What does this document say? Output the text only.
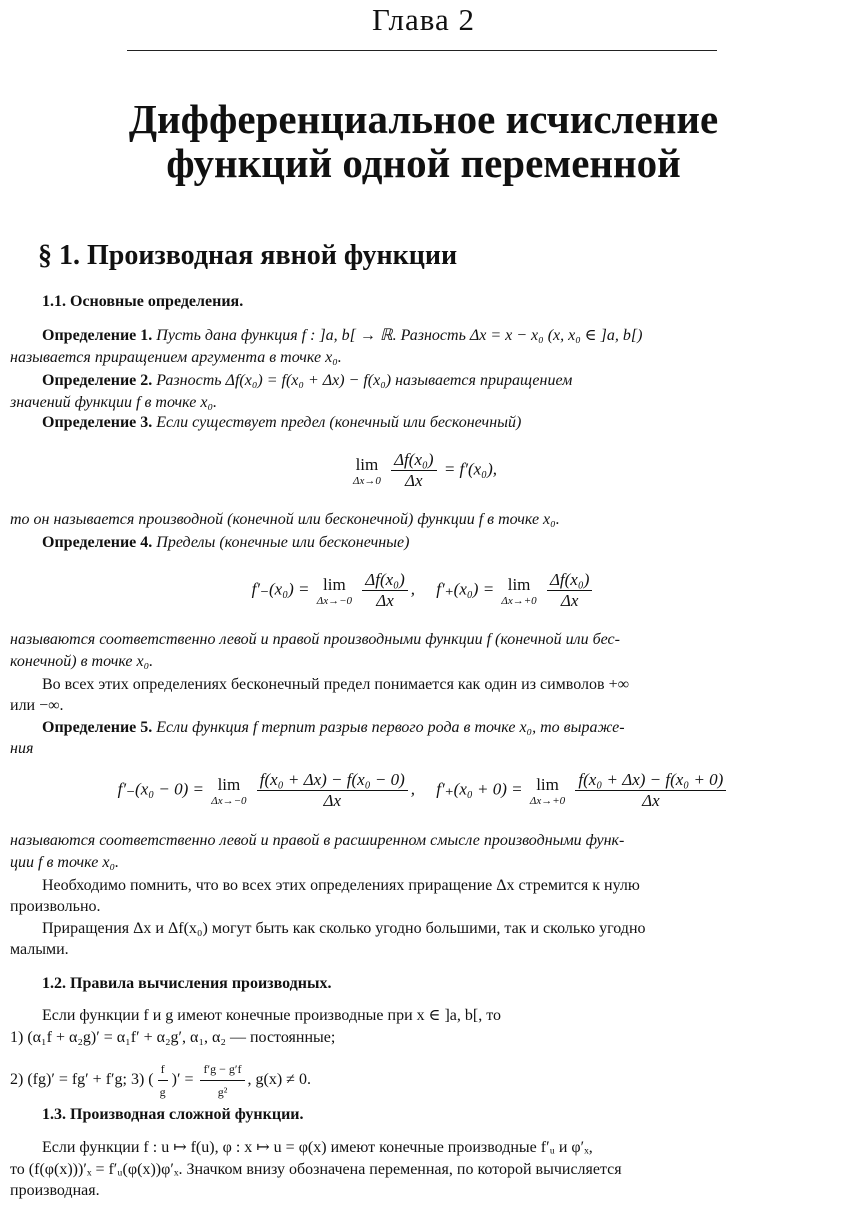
Глава 2
Дифференциальное исчисление
функций одной переменной
§ 1. Производная явной функции
1.1. Основные определения.
Определение 1. Пусть дана функция f : ]a, b[ → ℝ. Разность Δx = x − x₀ (x, x₀ ∈ ]a, b[)
называется приращением аргумента в точке x₀.
Определение 2. Разность Δf(x₀) = f(x₀ + Δx) − f(x₀) называется приращением
значений функции f в точке x₀.
Определение 3. Если существует предел (конечный или бесконечный)
lim
Δx→0
$\frac{\text{Δf(x₀)}}{\Delta x} = f'(x_0)$,
то он называется производной (конечной или бесконечной) функции f в точке x₀.
Определение 4. Пределы (конечные или бесконечные)
f′₋(x₀) = lim
Δx→−0
$\frac{\text{Δf(x₀)}}{\Delta x}$ , f′₊(x₀) = lim
Δx→+0
$\frac{\text{Δf(x₀)}}{\Delta x}$
называются соответственно левой и правой производными функции f (конечной или бес-
конечной) в точке x₀.
Во всех этих определениях бесконечный предел понимается как один из символов +∞
или −∞.
Определение 5. Если функция f терпит разрыв первого рода в точке x₀, то выраже-
ния
f′₋(x₀ − 0) = lim
Δx→−0
$\frac{\text{f(x₀ + Δx) − f(x₀ − 0)}}{\Delta x}$ , f′₊(x₀ + 0) = lim
Δx→+0
$\frac{\text{f(x₀ + Δx) − f(x₀ + 0)}}{\Delta x}$
называются соответственно левой и правой в расширенном смысле производными функ-
ции f в точке x₀.
Необходимо помнить, что во всех этих определениях приращение Δx стремится к нулю
произвольно.
Приращения Δx и Δf(x₀) могут быть как сколько угодно большими, так и сколько угодно
малыми.
1.2. Правила вычисления производных.
Если функции f и g имеют конечные производные при x ∈ ]a, b[, то
1) (α₁f + α₂g)′ = α₁f′ + α₂g′, α₁, α₂ — постоянные;
2) (fg)′ = fg′ + f′g; 3) ( $\frac{f}{g}$ )′ = $\frac{f'g - g'f}{\text{g²}}$ , g(x) ≠ 0.
1.3. Производная сложной функции.
Если функции f : u ↦ f(u), φ : x ↦ u = φ(x) имеют конечные производные f′ᵤ и φ′ₓ,
то (f(φ(x)))′ₓ = f′ᵤ(φ(x))φ′ₓ. Значком внизу обозначена переменная, по которой вычисляется
производная.
